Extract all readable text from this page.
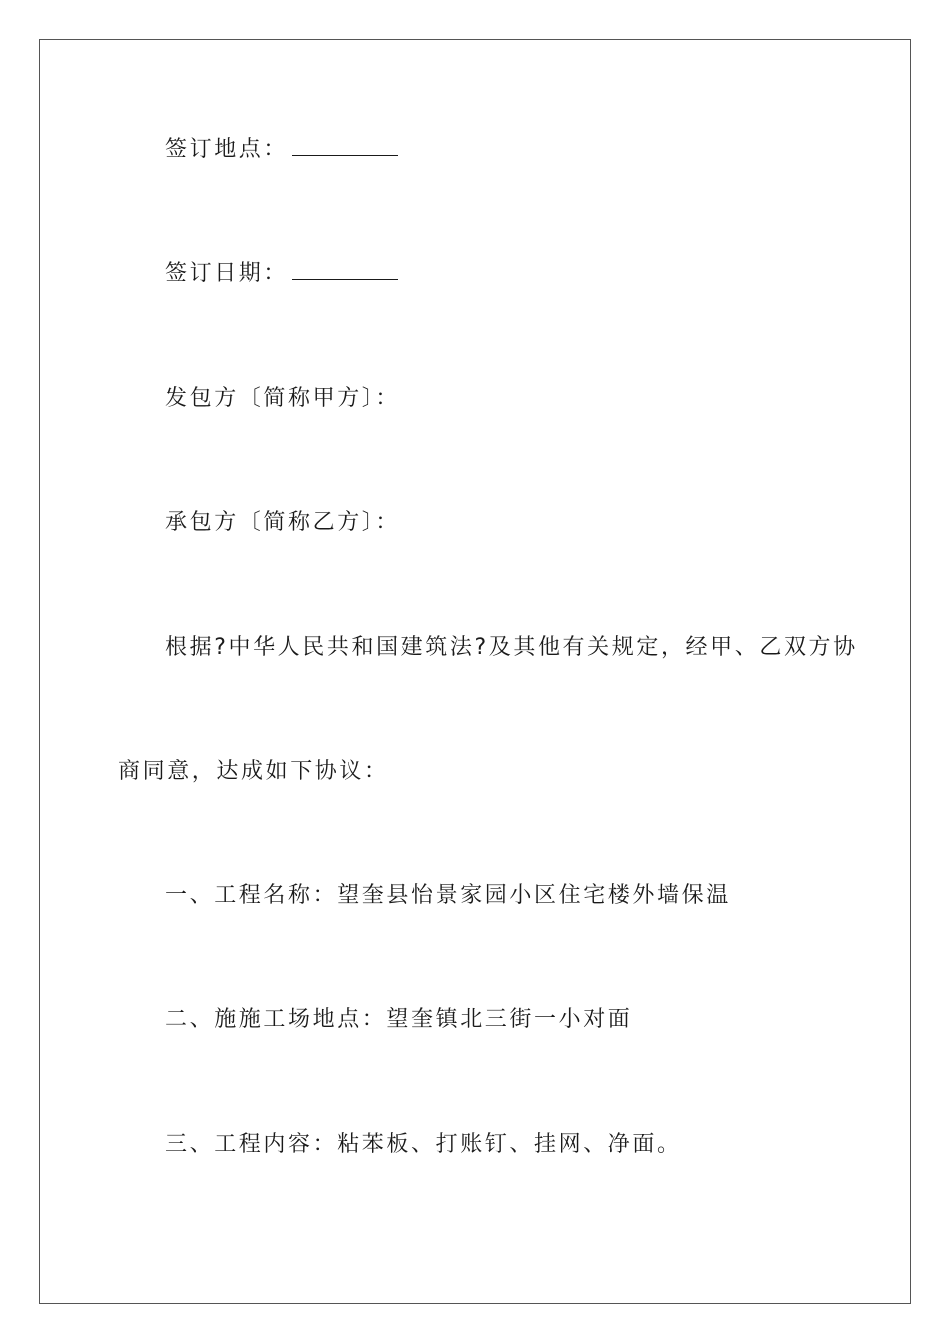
签订地点：
签订日期：
发包方〔简称甲方〕：
承包方〔简称乙方〕：
根据?中华人民共和国建筑法?及其他有关规定，经甲、乙双方协
商同意，达成如下协议：
一、工程名称：望奎县怡景家园小区住宅楼外墙保温
二、施施工场地点：望奎镇北三街一小对面
三、工程内容：粘苯板、打账钉、挂网、净面。
